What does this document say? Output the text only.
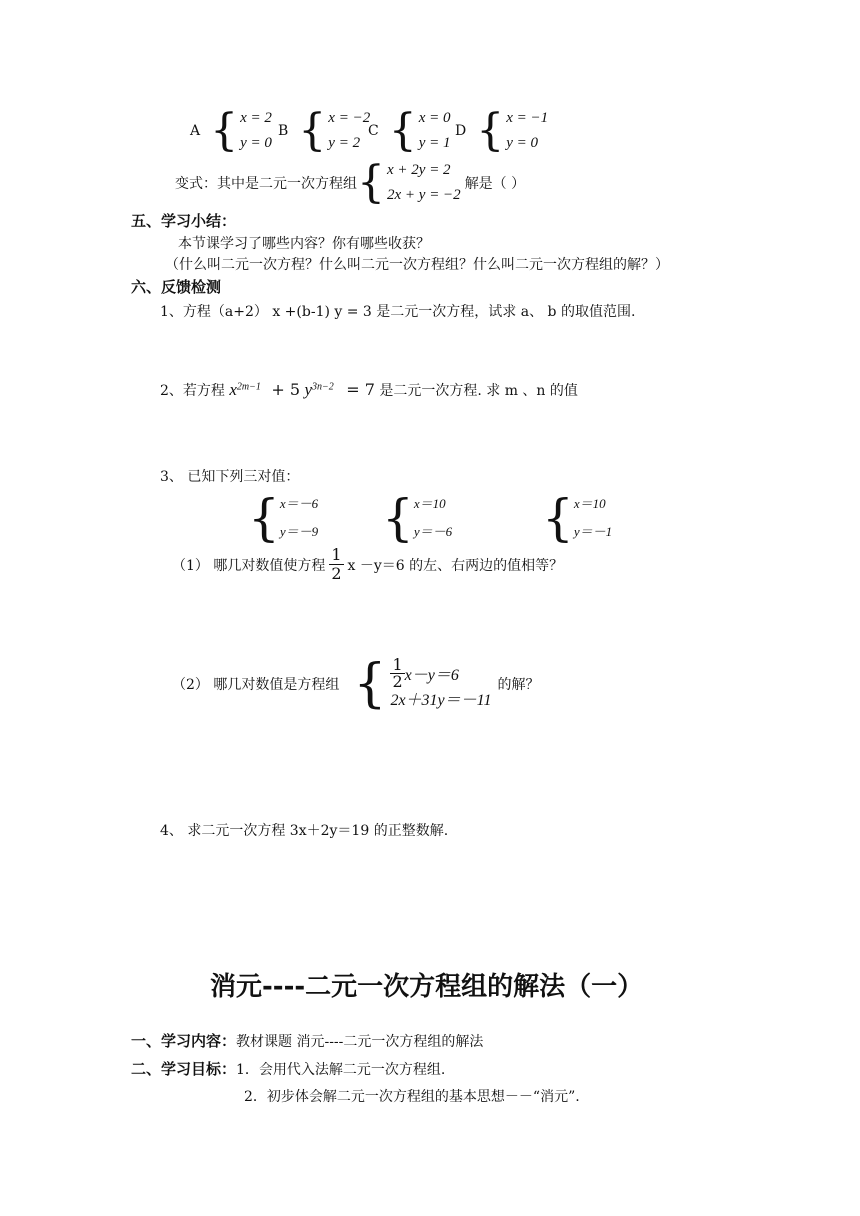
A { x = 2
y = 0
B { x = −2
y = 2
C { x = 0
y = 1
D { x = −1
y = 0
变式：其中是二元一次方程组 { x + 2y = 2
2x + y = −2
解是（ ）
五、学习小结：
本节课学习了哪些内容？你有哪些收获？
（什么叫二元一次方程？什么叫二元一次方程组？什么叫二元一次方程组的解？）
六、反馈检测
1、方程（a+2） x +(b-1) y = 3 是二元一次方程，试求 a、 b 的取值范围.
2、若方程 $x^{2m-1} + 5$ $y^{3n-2} = 7$ 是二元一次方程. 求 m 、n 的值
3、 已知下列三对值：
{ x＝－6
y＝－9 { x＝10
y＝－6 { x＝10
y＝－1
（1） 哪几对数值使方程 $\frac{1}{2}$ x －y＝6 的左、右两边的值相等？
（2） 哪几对数值是方程组 { $\frac{1}{2} x-y=6$
2x＋31y＝－11
的解？
4、 求二元一次方程 3x＋2y＝19 的正整数解.
消元----二元一次方程组的解法（一）
一、学习内容：教材课题 消元----二元一次方程组的解法
二、学习目标：1．会用代入法解二元一次方程组.
2．初步体会解二元一次方程组的基本思想－－“消元”.
